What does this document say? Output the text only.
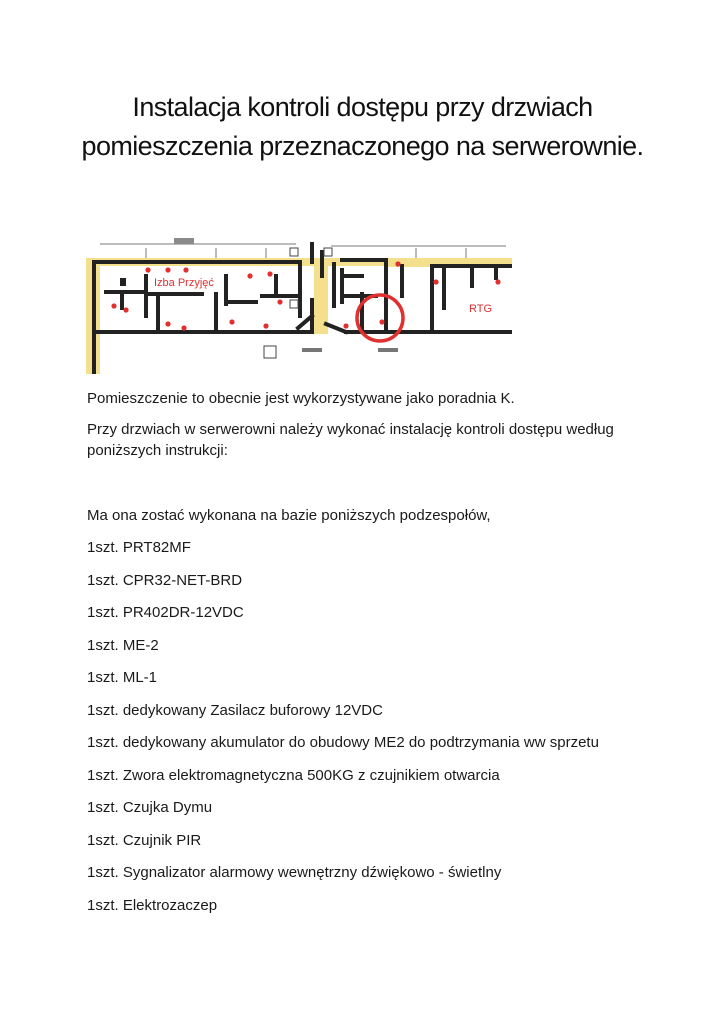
Instalacja kontroli dostępu przy drzwiach pomieszczenia przeznaczonego na serwerownie.
Izba Przyjęć
RTG

Pomieszczenie to obecnie jest wykorzystywane jako poradnia K.

Przy drzwiach w serwerowni należy wykonać instalację kontroli dostępu według poniższych instrukcji:

Ma ona zostać wykonana na bazie poniższych podzespołów,

1szt. PRT82MF

1szt. CPR32-NET-BRD

1szt. PR402DR-12VDC

1szt. ME-2

1szt. ML-1

1szt. dedykowany Zasilacz buforowy 12VDC

1szt. dedykowany akumulator do obudowy ME2 do podtrzymania ww sprzetu

1szt. Zwora elektromagnetyczna 500KG z czujnikiem otwarcia

1szt. Czujka Dymu

1szt. Czujnik PIR

1szt. Sygnalizator alarmowy wewnętrzny dźwiękowo - świetlny

1szt. Elektrozaczep
